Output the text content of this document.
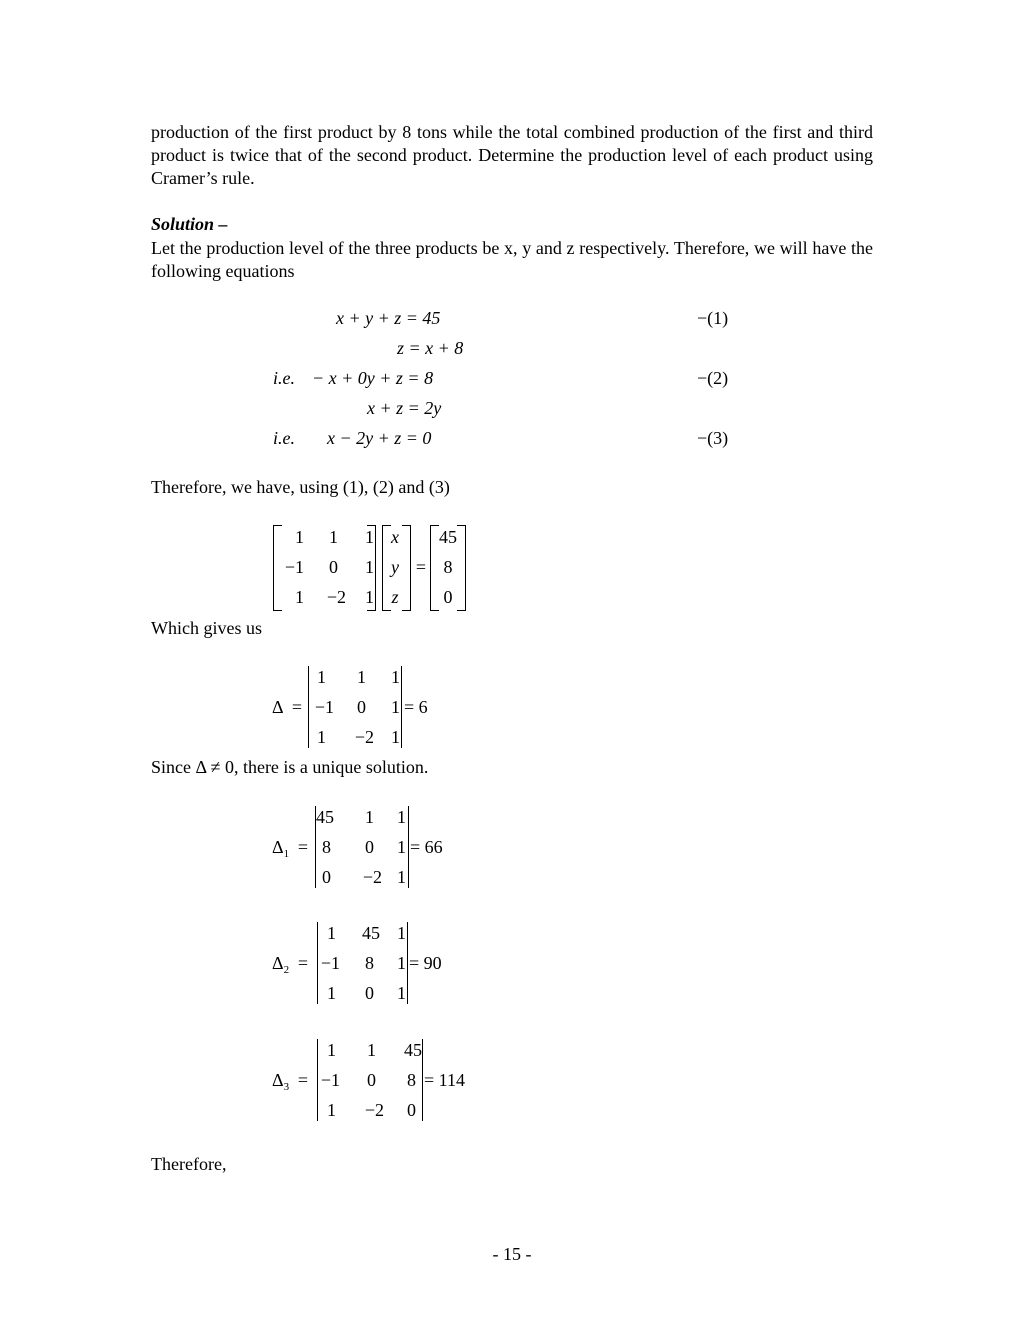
production of the first product by 8 tons while the total combined production of the first and third product is twice that of the second product. Determine the production level of each product using Cramer’s rule.
Solution –
Let the production level of the three products be x, y and z respectively. Therefore, we will have the following equations
x + y + z = 45	−(1)
z = x + 8
i.e. − x + 0y + z = 8	−(2)
x + z = 2y
i.e. x − 2y + z = 0	−(3)
Therefore, we have, using (1), (2) and (3)
1	1	1
−1	0	1
1	−2	1
x
y
z
=
45
8
0
Which gives us
Δ =
1	1	1
−1	0	1
1	−2 1
= 6
Since Δ ≠ 0, there is a unique solution.
$\Delta_1$ =
45	1	1
8	0	1
0	−2 1
= 66
$\Delta_2$ =
1	45 1
−1	8	1
1	0	1
= 90
$\Delta_3$ =
1	1	45
−1	0	8
1	−2	0
= 114
Therefore,
- 15 -
